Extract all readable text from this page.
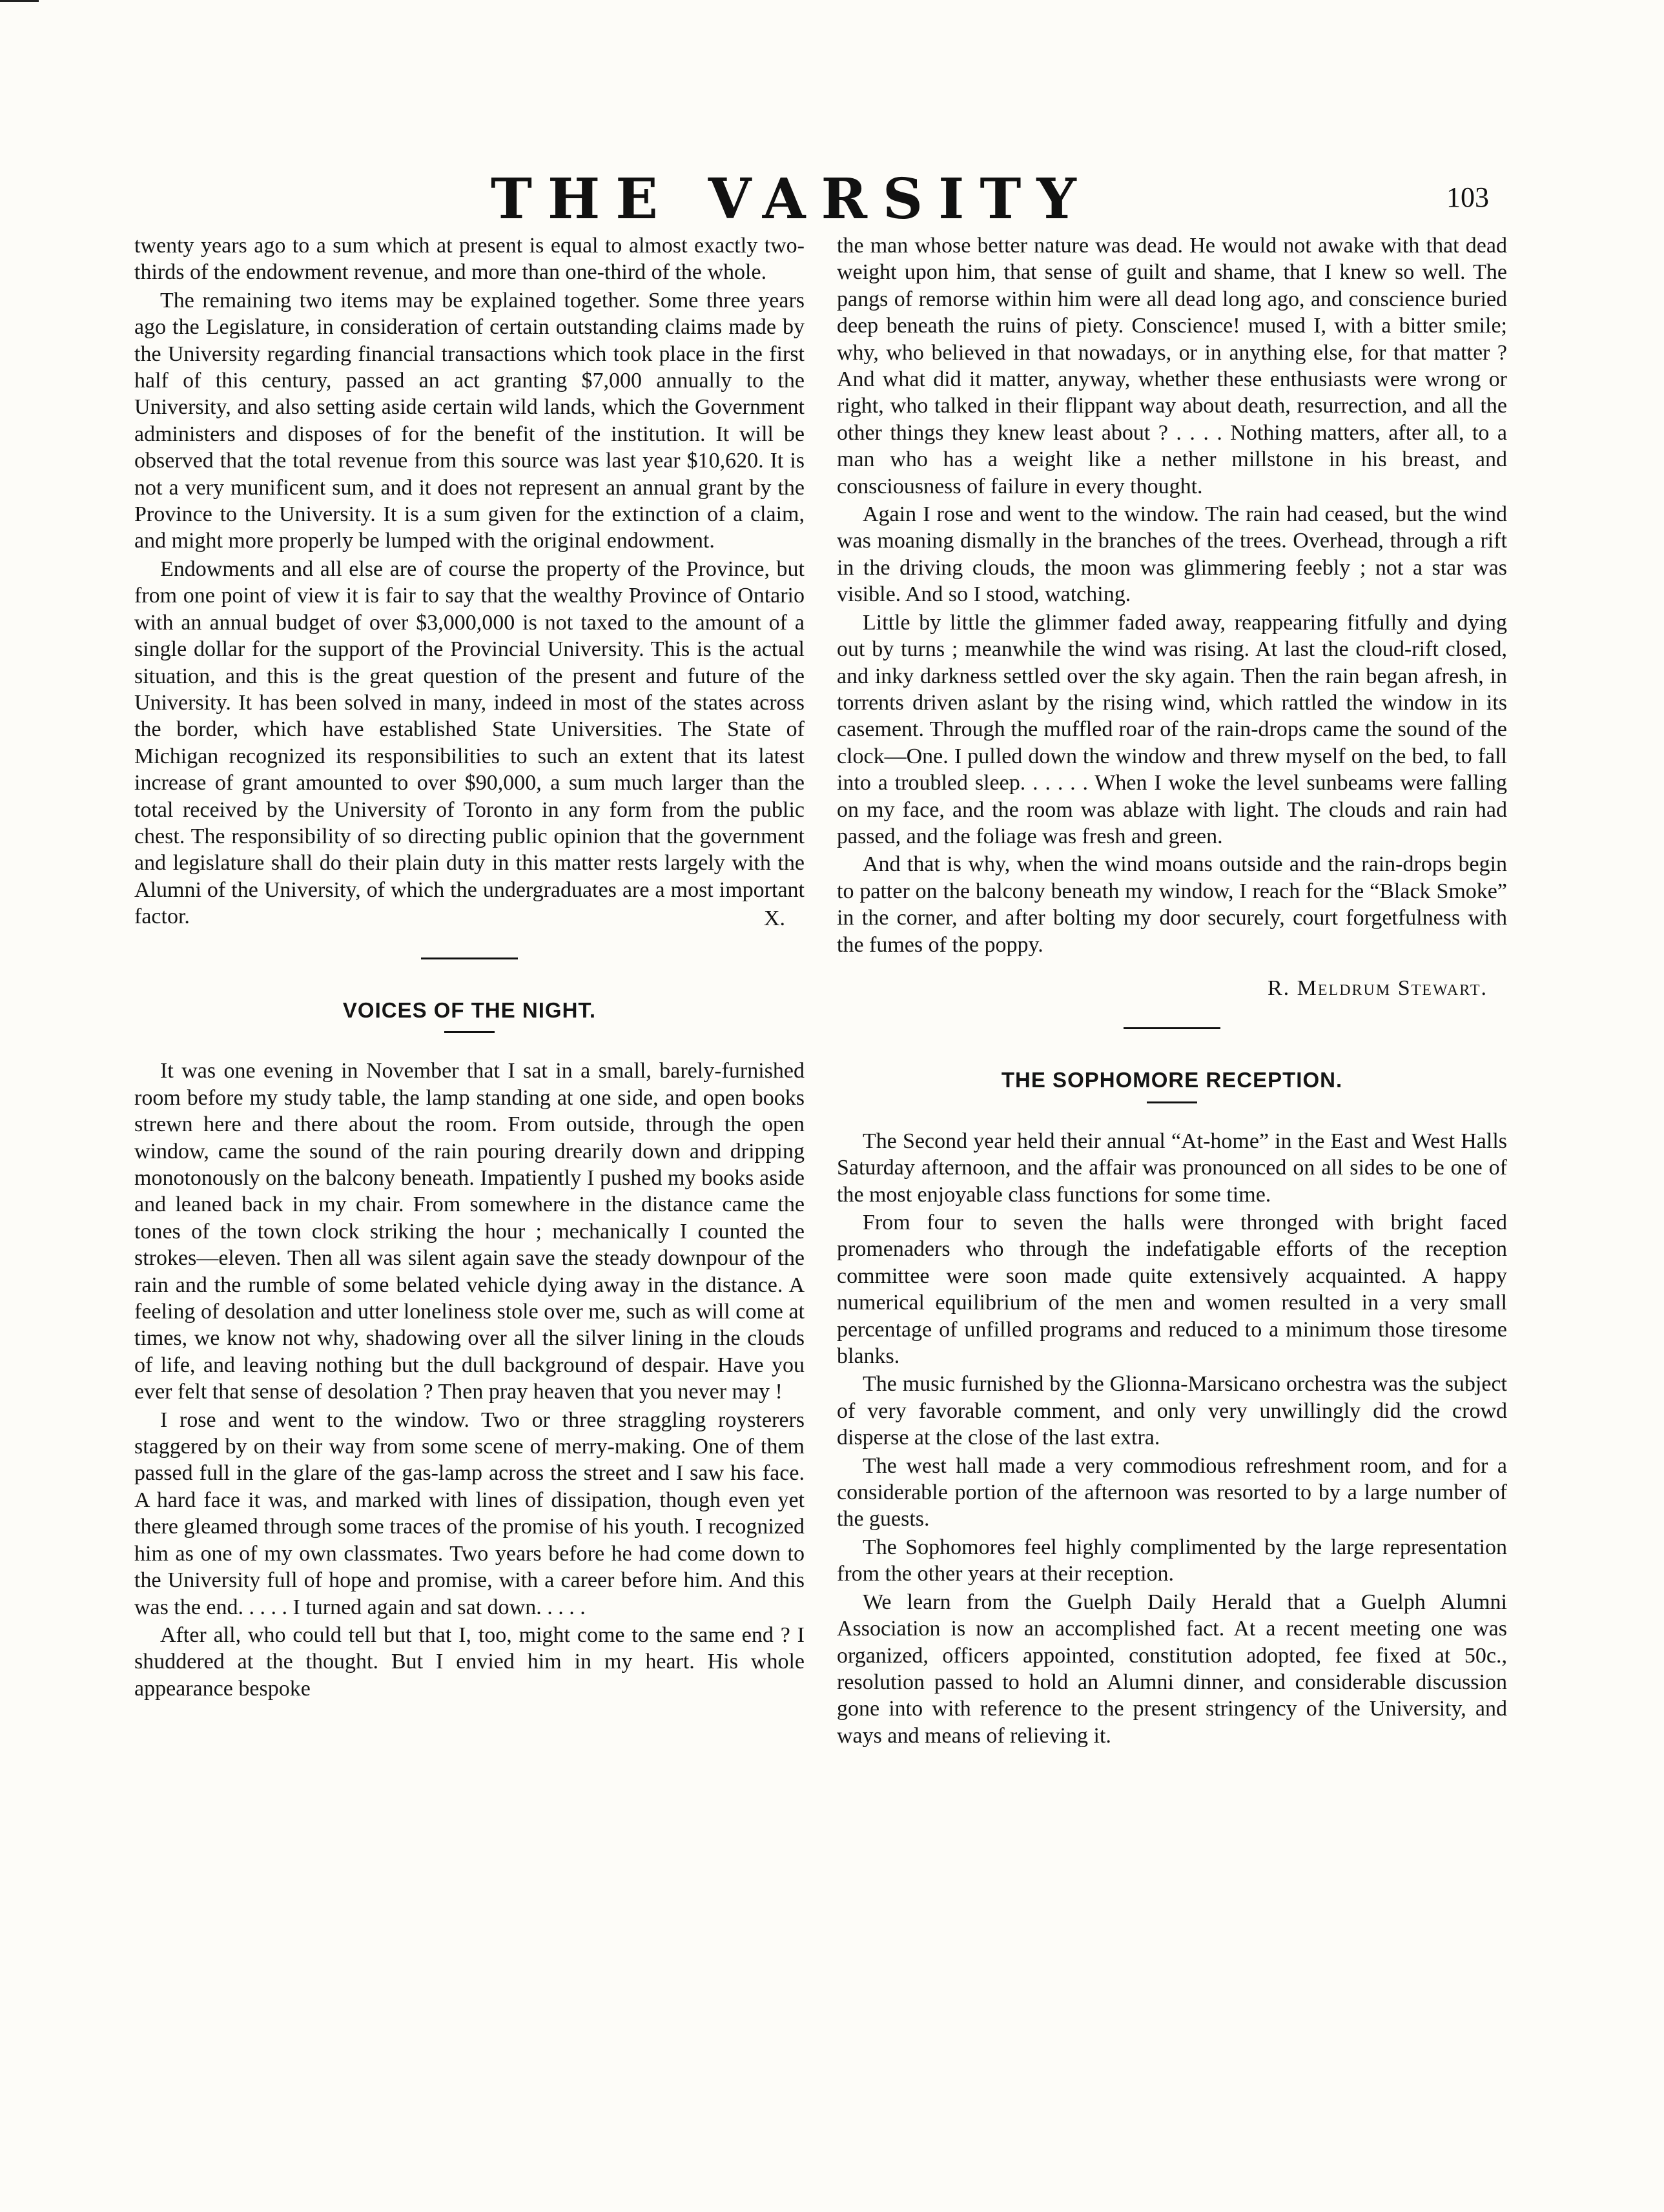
THE VARSITY	103

twenty years ago to a sum which at present is equal to almost exactly two-thirds of the endowment revenue, and more than one-third of the whole.

The remaining two items may be explained together. Some three years ago the Legislature, in consideration of certain outstanding claims made by the University regarding financial transactions which took place in the first half of this century, passed an act granting $7,000 annually to the University, and also setting aside certain wild lands, which the Government administers and disposes of for the benefit of the institution. It will be observed that the total revenue from this source was last year $10,620. It is not a very munificent sum, and it does not represent an annual grant by the Province to the University. It is a sum given for the extinction of a claim, and might more properly be lumped with the original endowment.

Endowments and all else are of course the property of the Province, but from one point of view it is fair to say that the wealthy Province of Ontario with an annual budget of over $3,000,000 is not taxed to the amount of a single dollar for the support of the Provincial University. This is the actual situation, and this is the great question of the present and future of the University. It has been solved in many, indeed in most of the states across the border, which have established State Universities. The State of Michigan recognized its responsibilities to such an extent that its latest increase of grant amounted to over $90,000, a sum much larger than the total received by the University of Toronto in any form from the public chest. The responsibility of so directing public opinion that the government and legislature shall do their plain duty in this matter rests largely with the Alumni of the University, of which the undergraduates are a most important factor.	X.
VOICES OF THE NIGHT.

It was one evening in November that I sat in a small, barely-furnished room before my study table, the lamp standing at one side, and open books strewn here and there about the room. From outside, through the open window, came the sound of the rain pouring drearily down and dripping monotonously on the balcony beneath. Impatiently I pushed my books aside and leaned back in my chair. From somewhere in the distance came the tones of the town clock striking the hour ; mechanically I counted the strokes—eleven. Then all was silent again save the steady downpour of the rain and the rumble of some belated vehicle dying away in the distance. A feeling of desolation and utter loneliness stole over me, such as will come at times, we know not why, shadowing over all the silver lining in the clouds of life, and leaving nothing but the dull background of despair. Have you ever felt that sense of desolation ? Then pray heaven that you never may !

I rose and went to the window. Two or three straggling roysterers staggered by on their way from some scene of merry-making. One of them passed full in the glare of the gas-lamp across the street and I saw his face. A hard face it was, and marked with lines of dissipation, though even yet there gleamed through some traces of the promise of his youth. I recognized him as one of my own classmates. Two years before he had come down to the University full of hope and promise, with a career before him. And this was the end. . . . . I turned again and sat down. . . . .

After all, who could tell but that I, too, might come to the same end ? I shuddered at the thought. But I envied him in my heart. His whole appearance bespoke

the man whose better nature was dead. He would not awake with that dead weight upon him, that sense of guilt and shame, that I knew so well. The pangs of remorse within him were all dead long ago, and conscience buried deep beneath the ruins of piety. Conscience! mused I, with a bitter smile; why, who believed in that nowadays, or in anything else, for that matter ? And what did it matter, anyway, whether these enthusiasts were wrong or right, who talked in their flippant way about death, resurrection, and all the other things they knew least about ? . . . . Nothing matters, after all, to a man who has a weight like a nether millstone in his breast, and consciousness of failure in every thought.

Again I rose and went to the window. The rain had ceased, but the wind was moaning dismally in the branches of the trees. Overhead, through a rift in the driving clouds, the moon was glimmering feebly ; not a star was visible. And so I stood, watching.

Little by little the glimmer faded away, reappearing fitfully and dying out by turns ; meanwhile the wind was rising. At last the cloud-rift closed, and inky darkness settled over the sky again. Then the rain began afresh, in torrents driven aslant by the rising wind, which rattled the window in its casement. Through the muffled roar of the rain-drops came the sound of the clock—One. I pulled down the window and threw myself on the bed, to fall into a troubled sleep. . . . . . When I woke the level sunbeams were falling on my face, and the room was ablaze with light. The clouds and rain had passed, and the foliage was fresh and green.

And that is why, when the wind moans outside and the rain-drops begin to patter on the balcony beneath my window, I reach for the “Black Smoke” in the corner, and after bolting my door securely, court forgetfulness with the fumes of the poppy.

R. Meldrum Stewart.
THE SOPHOMORE RECEPTION.

The Second year held their annual “At-home” in the East and West Halls Saturday afternoon, and the affair was pronounced on all sides to be one of the most enjoyable class functions for some time.

From four to seven the halls were thronged with bright faced promenaders who through the indefatigable efforts of the reception committee were soon made quite extensively acquainted. A happy numerical equilibrium of the men and women resulted in a very small percentage of unfilled programs and reduced to a minimum those tiresome blanks.

The music furnished by the Glionna-Marsicano orchestra was the subject of very favorable comment, and only very unwillingly did the crowd disperse at the close of the last extra.

The west hall made a very commodious refreshment room, and for a considerable portion of the afternoon was resorted to by a large number of the guests.

The Sophomores feel highly complimented by the large representation from the other years at their reception.

We learn from the Guelph Daily Herald that a Guelph Alumni Association is now an accomplished fact. At a recent meeting one was organized, officers appointed, constitution adopted, fee fixed at 50c., resolution passed to hold an Alumni dinner, and considerable discussion gone into with reference to the present stringency of the University, and ways and means of relieving it.
